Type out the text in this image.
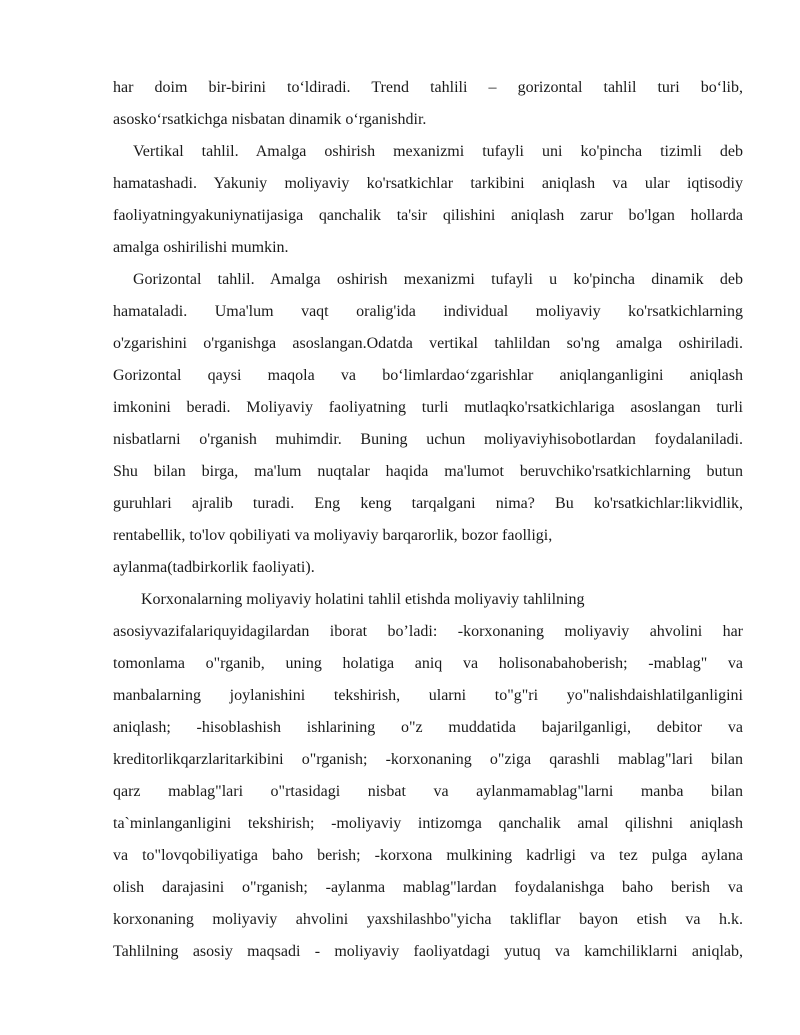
har doim bir-birini to‘ldiradi. Trend tahlili – gorizontal tahlil turi bo‘lib,
asosko‘rsatkichga nisbatan dinamik o‘rganishdir.
Vertikal tahlil. Amalga oshirish mexanizmi tufayli uni ko'pincha tizimli deb
hamatashadi. Yakuniy moliyaviy ko'rsatkichlar tarkibini aniqlash va ular iqtisodiy
faoliyatningyakuniynatijasiga qanchalik ta'sir qilishini aniqlash zarur bo'lgan hollarda
amalga oshirilishi mumkin.
Gorizontal tahlil. Amalga oshirish mexanizmi tufayli u ko'pincha dinamik deb
hamataladi. Uma'lum vaqt oralig'ida individual moliyaviy ko'rsatkichlarning
o'zgarishini o'rganishga asoslangan.Odatda vertikal tahlildan so'ng amalga oshiriladi.
Gorizontal qaysi maqola va bo‘limlardao‘zgarishlar aniqlanganligini aniqlash
imkonini beradi. Moliyaviy faoliyatning turli mutlaqko'rsatkichlariga asoslangan turli
nisbatlarni o'rganish muhimdir. Buning uchun moliyaviyhisobotlardan foydalaniladi.
Shu bilan birga, ma'lum nuqtalar haqida ma'lumot beruvchiko'rsatkichlarning butun
guruhlari ajralib turadi. Eng keng tarqalgani nima? Bu ko'rsatkichlar:likvidlik,
rentabellik, to'lov qobiliyati va moliyaviy barqarorlik, bozor faolligi,
aylanma(tadbirkorlik faoliyati).
Korxonalarning moliyaviy holatini tahlil etishda moliyaviy tahlilning
asosiyvazifalariquyidagilardan iborat bo’ladi: -korxonaning moliyaviy ahvolini har
tomonlama o"rganib, uning holatiga aniq va holisonabahoberish; -mablag" va
manbalarning joylanishini tekshirish, ularni to"g"ri yo"nalishdaishlatilganligini
aniqlash; -hisoblashish ishlarining o"z muddatida bajarilganligi, debitor va
kreditorlikqarzlaritarkibini o"rganish; -korxonaning o"ziga qarashli mablag"lari bilan
qarz mablag"lari o"rtasidagi nisbat va aylanmamablag"larni manba bilan
ta`minlanganligini tekshirish; -moliyaviy intizomga qanchalik amal qilishni aniqlash
va to"lovqobiliyatiga baho berish; -korxona mulkining kadrligi va tez pulga aylana
olish darajasini o"rganish; -aylanma mablag"lardan foydalanishga baho berish va
korxonaning moliyaviy ahvolini yaxshilashbo"yicha takliflar bayon etish va h.k.
Tahlilning asosiy maqsadi - moliyaviy faoliyatdagi yutuq va kamchiliklarni aniqlab,
